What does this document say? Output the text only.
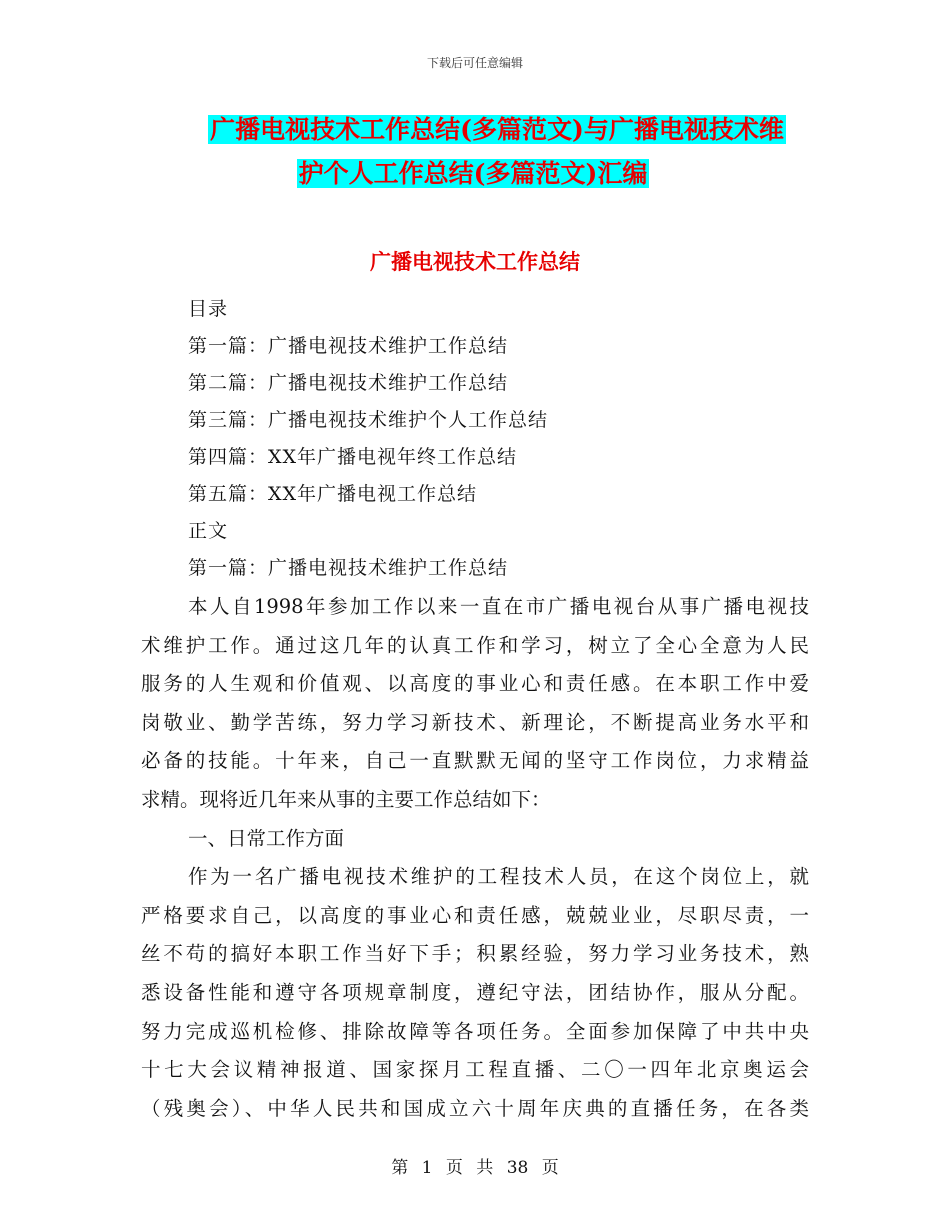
下载后可任意编辑
广播电视技术工作总结(多篇范文)与广播电视技术维
护个人工作总结(多篇范文)汇编
广播电视技术工作总结
目录
第一篇：广播电视技术维护工作总结
第二篇：广播电视技术维护工作总结
第三篇：广播电视技术维护个人工作总结
第四篇：XX年广播电视年终工作总结
第五篇：XX年广播电视工作总结
正文
第一篇：广播电视技术维护工作总结
本人自1998年参加工作以来一直在市广播电视台从事广播电视技
术维护工作。通过这几年的认真工作和学习，树立了全心全意为人民
服务的人生观和价值观、以高度的事业心和责任感。在本职工作中爱
岗敬业、勤学苦练，努力学习新技术、新理论，不断提高业务水平和
必备的技能。十年来，自己一直默默无闻的坚守工作岗位，力求精益
求精。现将近几年来从事的主要工作总结如下：
一、日常工作方面
作为一名广播电视技术维护的工程技术人员，在这个岗位上，就
严格要求自己，以高度的事业心和责任感，兢兢业业，尽职尽责，一
丝不苟的搞好本职工作当好下手；积累经验，努力学习业务技术，熟
悉设备性能和遵守各项规章制度，遵纪守法，团结协作，服从分配。
努力完成巡机检修、排除故障等各项任务。全面参加保障了中共中央
十七大会议精神报道、国家探月工程直播、二〇一四年北京奥运会
（残奥会）、中华人民共和国成立六十周年庆典的直播任务，在各类
第 1 页 共 38 页
